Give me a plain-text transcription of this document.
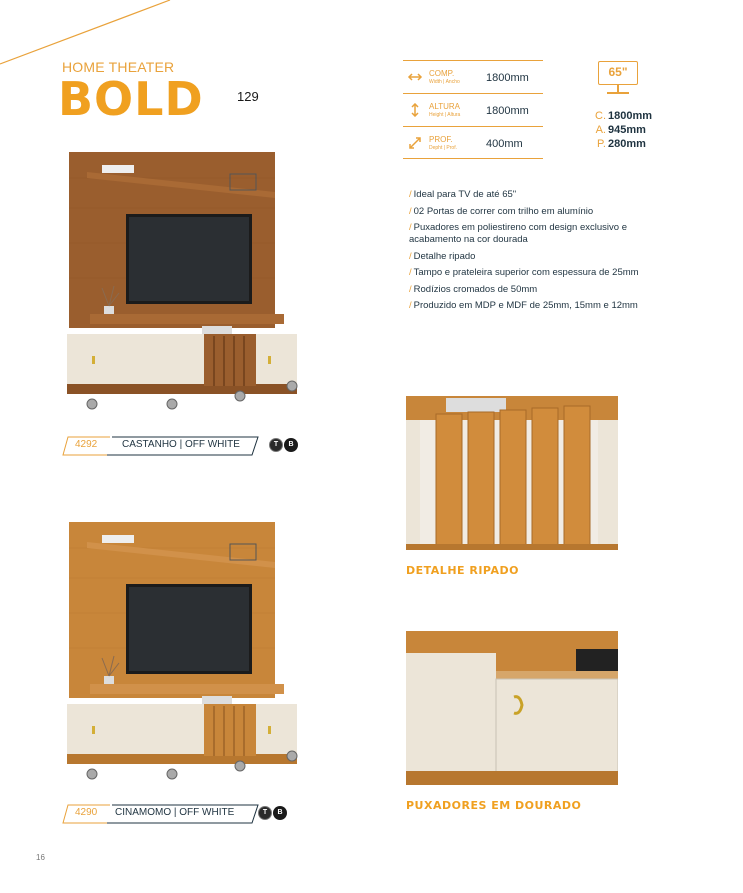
HOME THEATER
BOLD	129
COMP.
Width | Ancho 1800mm
ALTURA
Height | Altura 1800mm
PROF.
Depht | Prof.	400mm
65"
C. 1800mm
A. 945mm
P. 280mm
/ Ideal para TV de até 65"
/ 02 Portas de correr com trilho em alumínio
/ Puxadores em poliestireno com design exclusivo e acabamento na cor dourada
/ Detalhe ripado
/ Tampo e prateleira superior com espessura de 25mm
/ Rodízios cromados de 50mm
/ Produzido em MDP e MDF de 25mm, 15mm e 12mm
4292 CASTANHO | OFF WHITE	T	B
4290 CINAMOMO | OFF WHITE	T	B
DETALHE RIPADO
PUXADORES EM DOURADO
16
